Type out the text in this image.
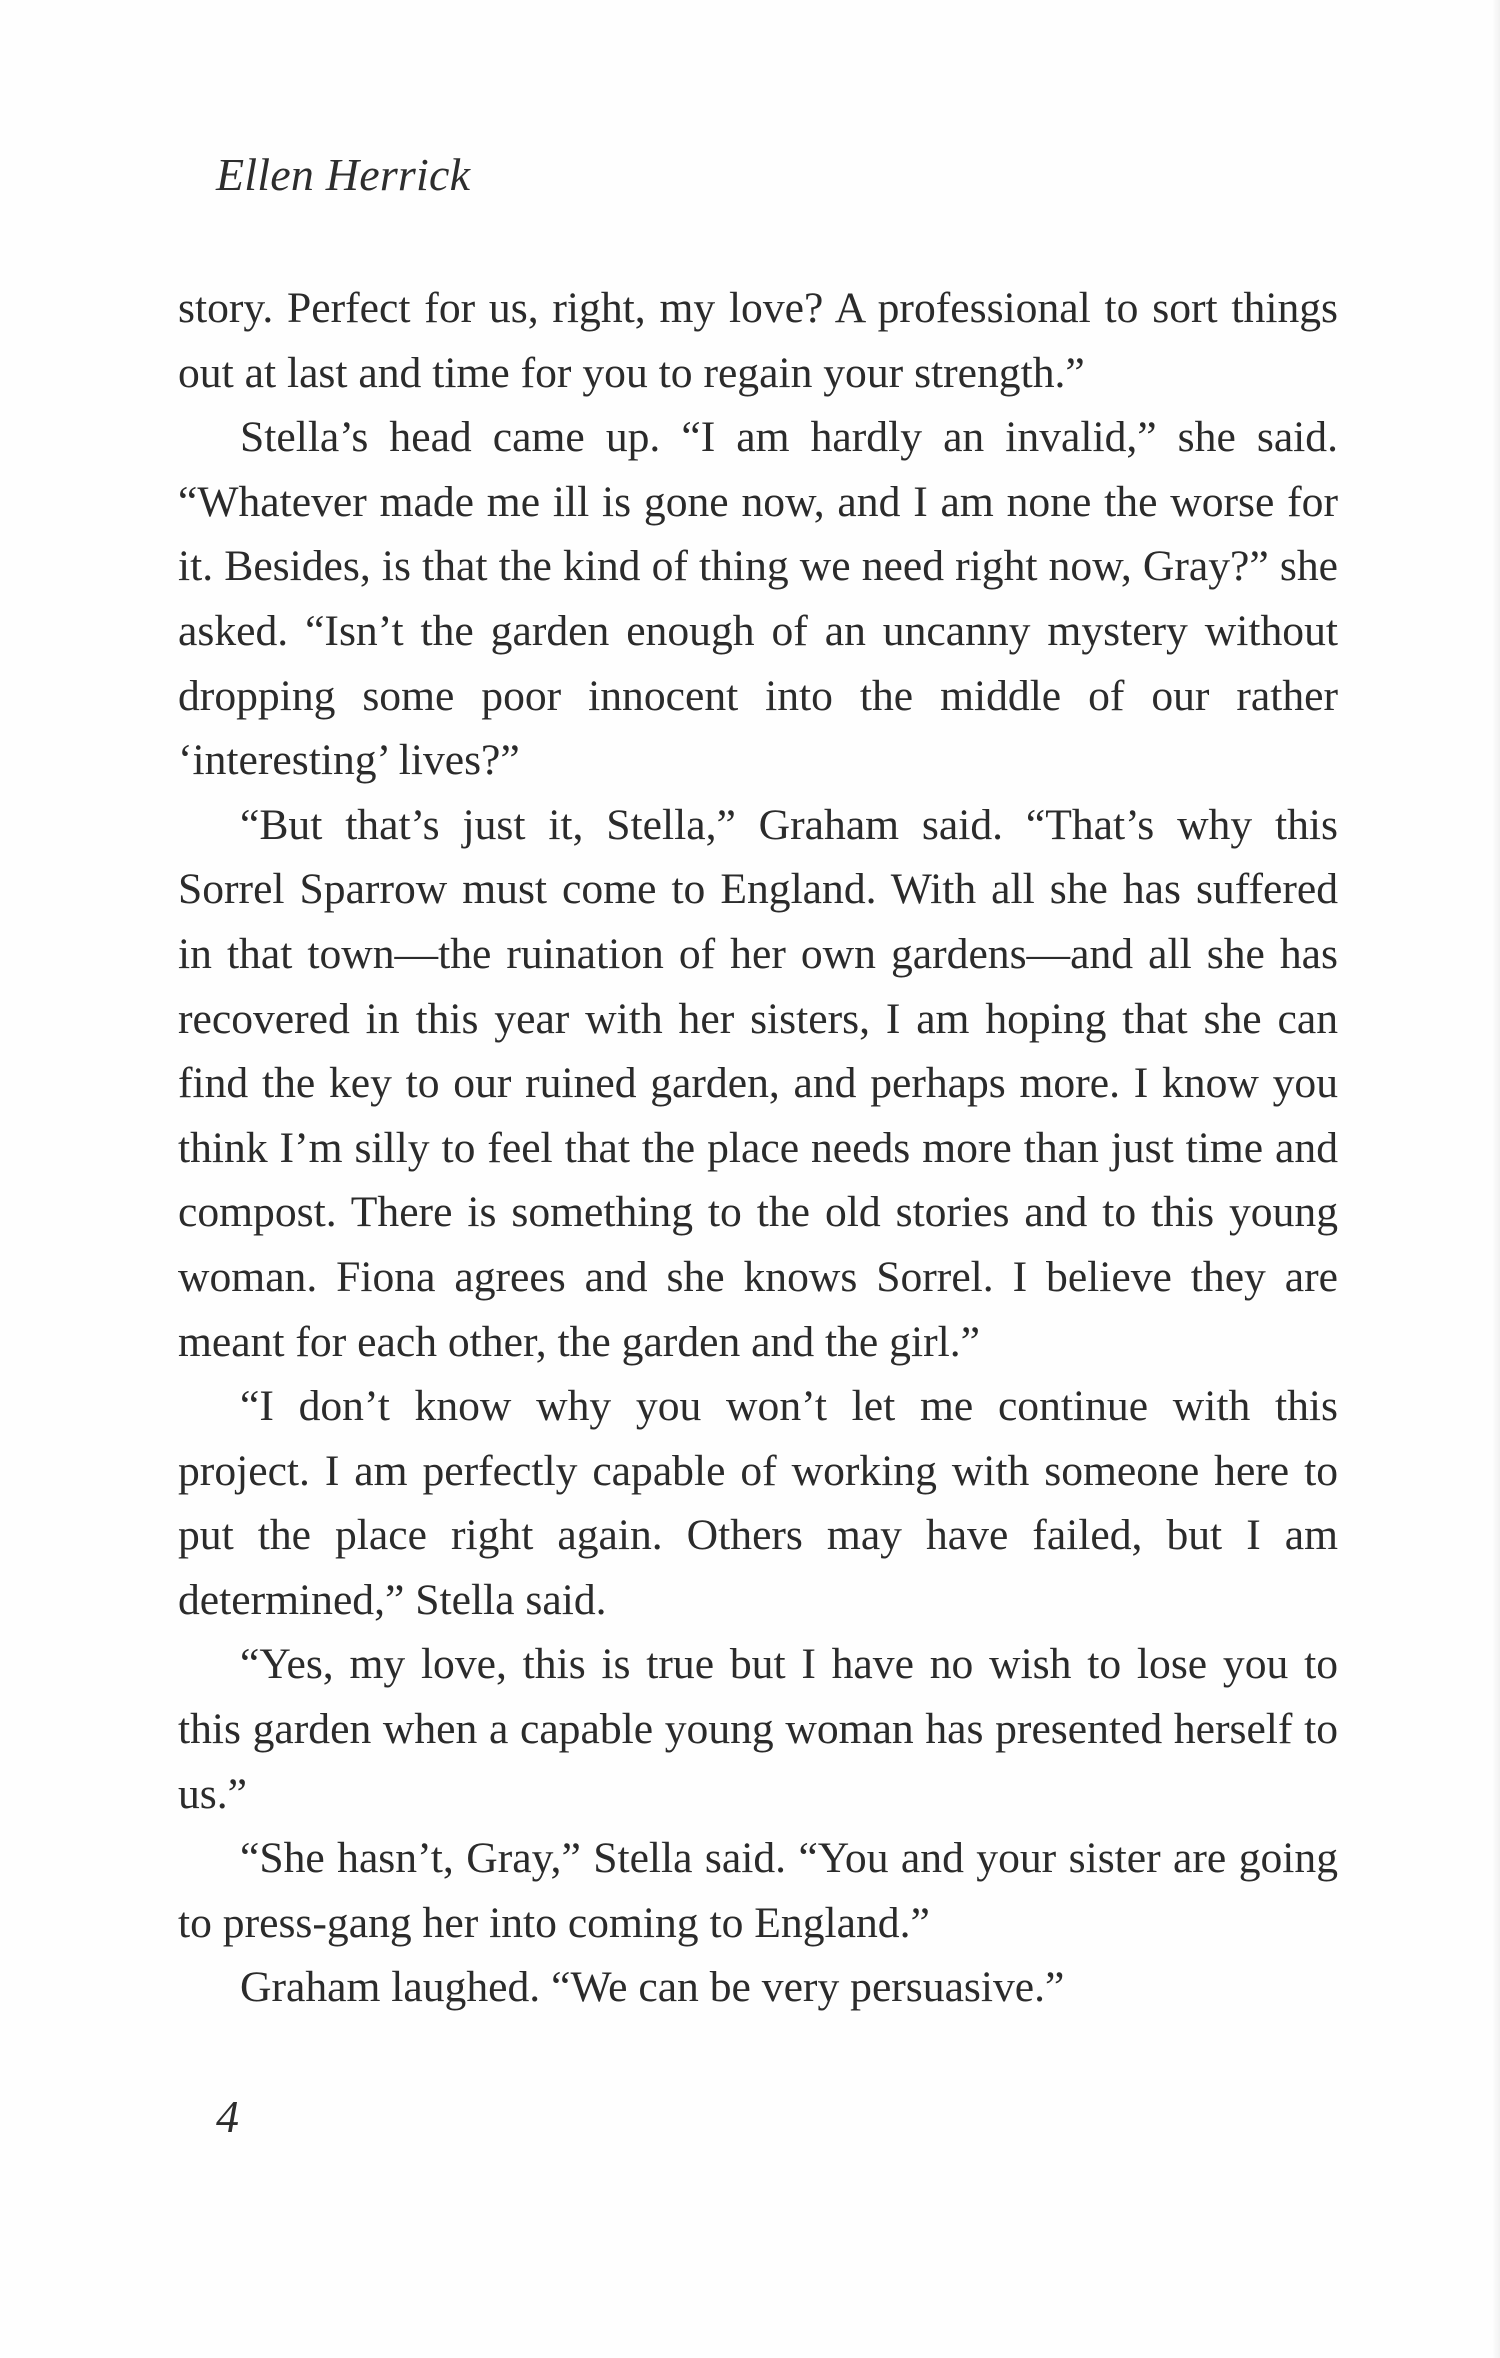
Ellen Herrick

story. Perfect for us, right, my love? A professional to sort things out at last and time for you to regain your strength.”

Stella’s head came up. “I am hardly an invalid,” she said. “Whatever made me ill is gone now, and I am none the worse for it. Besides, is that the kind of thing we need right now, Gray?” she asked. “Isn’t the garden enough of an uncanny mystery without dropping some poor innocent into the middle of our rather ‘interesting’ lives?”

“But that’s just it, Stella,” Graham said. “That’s why this Sorrel Sparrow must come to England. With all she has suffered in that town—the ruination of her own gardens—and all she has recovered in this year with her sisters, I am hoping that she can find the key to our ruined garden, and perhaps more. I know you think I’m silly to feel that the place needs more than just time and compost. There is something to the old stories and to this young woman. Fiona agrees and she knows Sorrel. I believe they are meant for each other, the garden and the girl.”

“I don’t know why you won’t let me continue with this project. I am perfectly capable of working with someone here to put the place right again. Others may have failed, but I am determined,” Stella said.

“Yes, my love, this is true but I have no wish to lose you to this garden when a capable young woman has presented herself to us.”

“She hasn’t, Gray,” Stella said. “You and your sister are going to press-gang her into coming to England.”

Graham laughed. “We can be very persuasive.”

4
